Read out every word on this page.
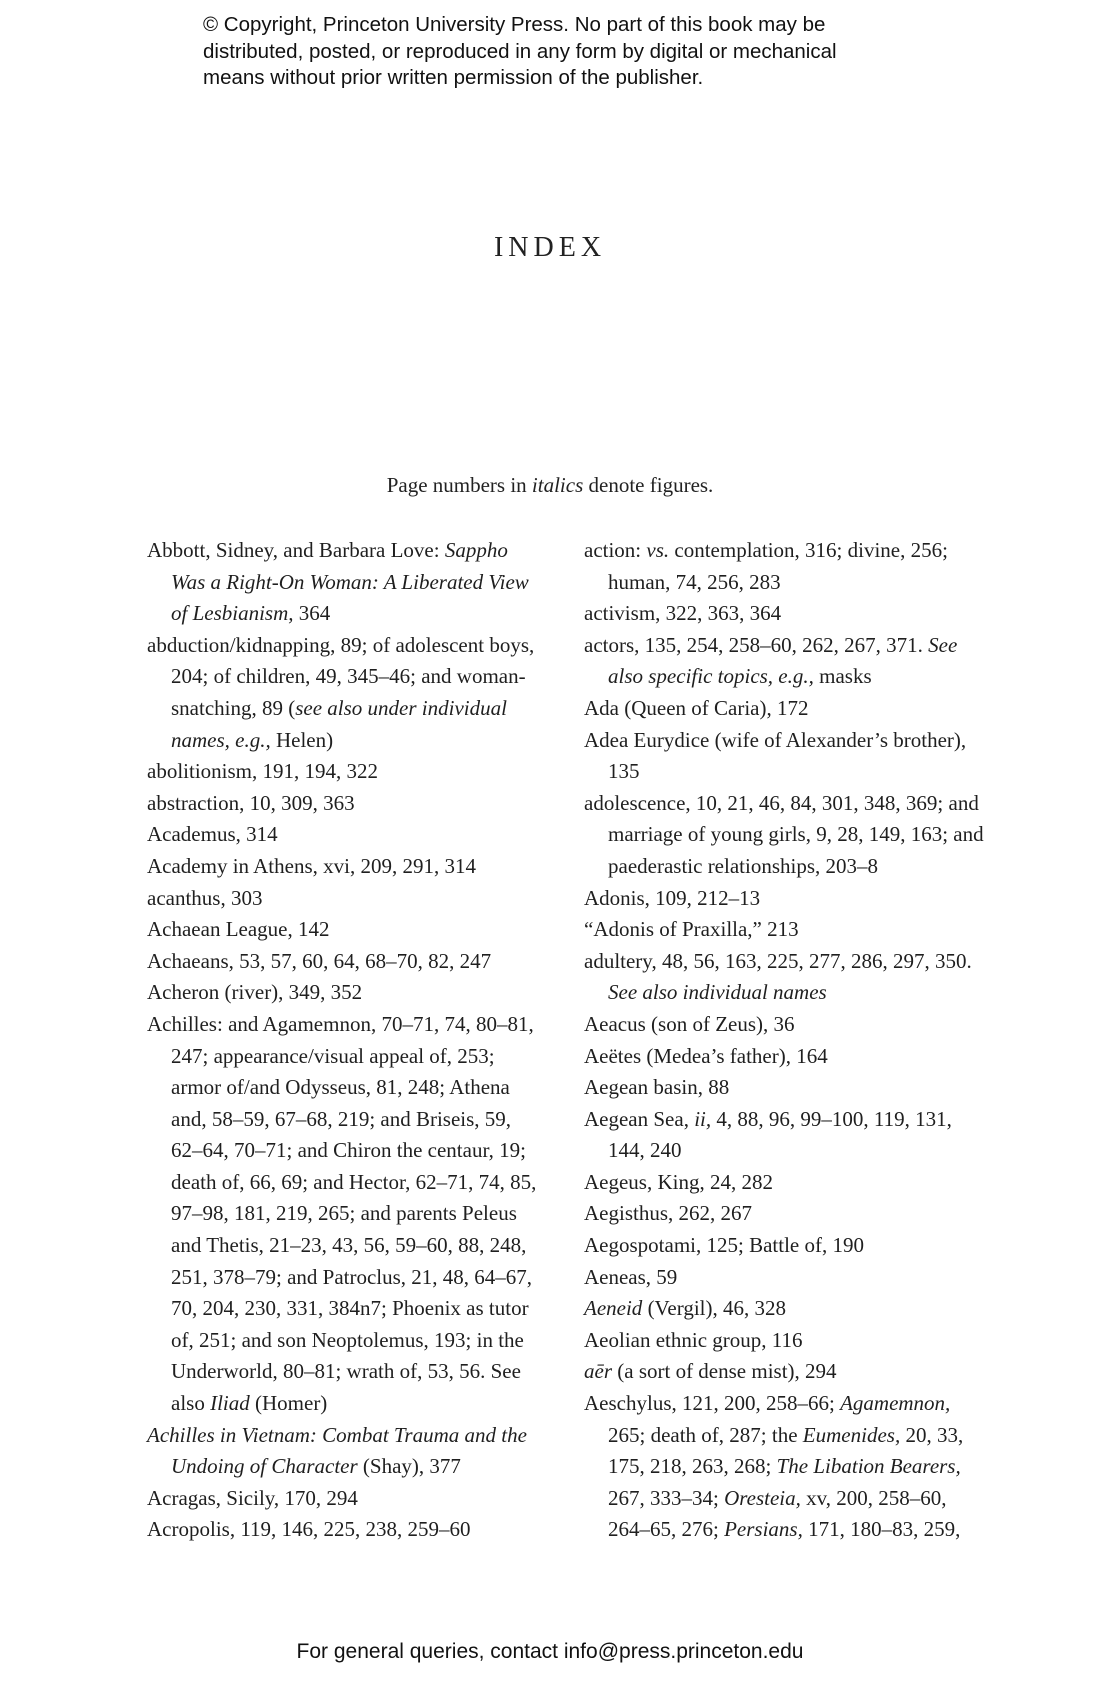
© Copyright, Princeton University Press. No part of this book may be
distributed, posted, or reproduced in any form by digital or mechanical
means without prior written permission of the publisher.
INDEX
Page numbers in italics denote figures.
Abbott, Sidney, and Barbara Love: Sappho Was a Right-On Woman: A Liberated View of Lesbianism, 364
abduction/kidnapping, 89; of adolescent boys, 204; of children, 49, 345–46; and woman-snatching, 89 (see also under individual names, e.g., Helen)
abolitionism, 191, 194, 322
abstraction, 10, 309, 363
Academus, 314
Academy in Athens, xvi, 209, 291, 314
acanthus, 303
Achaean League, 142
Achaeans, 53, 57, 60, 64, 68–70, 82, 247
Acheron (river), 349, 352
Achilles: and Agamemnon, 70–71, 74, 80–81, 247; appearance/visual appeal of, 253; armor of/and Odysseus, 81, 248; Athena and, 58–59, 67–68, 219; and Briseis, 59, 62–64, 70–71; and Chiron the centaur, 19; death of, 66, 69; and Hector, 62–71, 74, 85, 97–98, 181, 219, 265; and parents Peleus and Thetis, 21–23, 43, 56, 59–60, 88, 248, 251, 378–79; and Patroclus, 21, 48, 64–67, 70, 204, 230, 331, 384n7; Phoenix as tutor of, 251; and son Neoptolemus, 193; in the Underworld, 80–81; wrath of, 53, 56. See also Iliad (Homer)
Achilles in Vietnam: Combat Trauma and the Undoing of Character (Shay), 377
Acragas, Sicily, 170, 294
Acropolis, 119, 146, 225, 238, 259–60
action: vs. contemplation, 316; divine, 256; human, 74, 256, 283
activism, 322, 363, 364
actors, 135, 254, 258–60, 262, 267, 371. See also specific topics, e.g., masks
Ada (Queen of Caria), 172
Adea Eurydice (wife of Alexander’s brother), 135
adolescence, 10, 21, 46, 84, 301, 348, 369; and marriage of young girls, 9, 28, 149, 163; and paederastic relationships, 203–8
Adonis, 109, 212–13
“Adonis of Praxilla,” 213
adultery, 48, 56, 163, 225, 277, 286, 297, 350. See also individual names
Aeacus (son of Zeus), 36
Aeëtes (Medea’s father), 164
Aegean basin, 88
Aegean Sea, ii, 4, 88, 96, 99–100, 119, 131, 144, 240
Aegeus, King, 24, 282
Aegisthus, 262, 267
Aegospotami, 125; Battle of, 190
Aeneas, 59
Aeneid (Vergil), 46, 328
Aeolian ethnic group, 116
aēr (a sort of dense mist), 294
Aeschylus, 121, 200, 258–66; Agamemnon, 265; death of, 287; the Eumenides, 20, 33, 175, 218, 263, 268; The Libation Bearers, 267, 333–34; Oresteia, xv, 200, 258–60, 264–65, 276; Persians, 171, 180–83, 259,
For general queries, contact info@press.princeton.edu
